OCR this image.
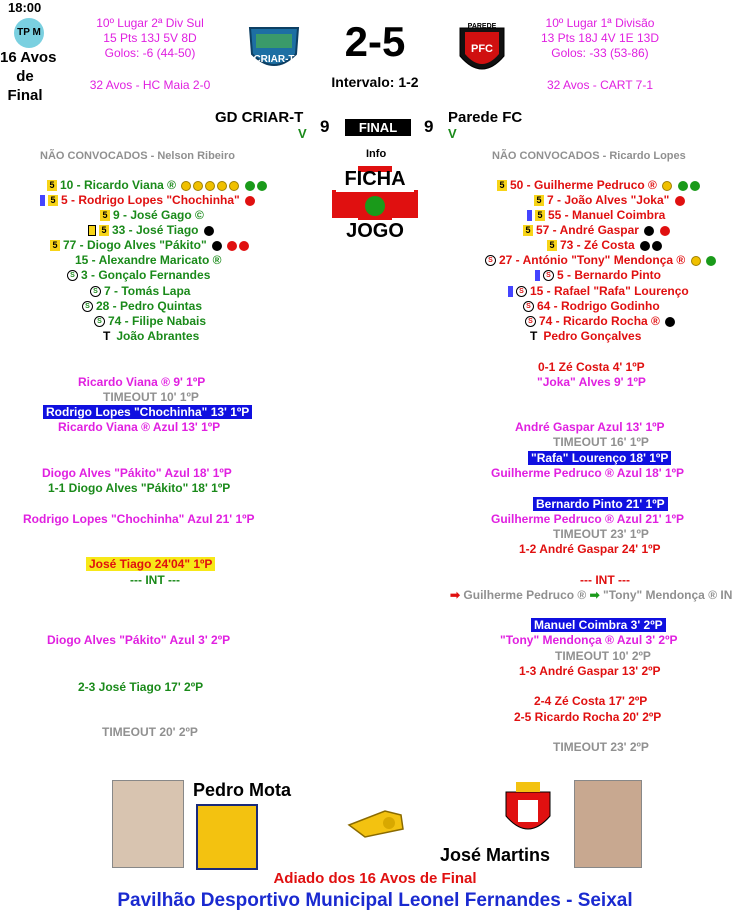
18:00
TP M
16 Avos
de
Final
10º Lugar 2ª Div Sul
15 Pts 13J 5V 8D
Golos: -6 (44-50)
32 Avos - HC Maia 2-0
CRIAR-T	2-5
Intervalo: 1-2
PAREDE
PFC
10º Lugar 1ª Divisão
13 Pts 18J 4V 1E 13D
Golos: -33 (53-86)
32 Avos - CART 7-1
GD CRIAR-T
V 9	FINAL	9 V
Parede FC
Info
FICHA
JOGO
NÃO CONVOCADOS - Nelson Ribeiro	NÃO CONVOCADOS - Ricardo Lopes
5 10 - Ricardo Viana ®
5 5 - Rodrigo Lopes "Chochinha"
5 9 - José Gago ©
5 33 - José Tiago
5 77 - Diogo Alves "Pákito"
15 - Alexandre Maricato ®
S 3 - Gonçalo Fernandes
S 7 - Tomás Lapa
S 28 - Pedro Quintas
S 74 - Filipe Nabais
T João Abrantes
5 50 - Guilherme Pedruco ®
5 7 - João Alves "Joka"
5 55 - Manuel Coimbra
5 57 - André Gaspar
5 73 - Zé Costa
S 27 - António "Tony" Mendonça ®
S 5 - Bernardo Pinto
S 15 - Rafael "Rafa" Lourenço
S 64 - Rodrigo Godinho
S 74 - Ricardo Rocha ®
T Pedro Gonçalves
Ricardo Viana ® 9' 1ºP
TIMEOUT 10' 1ºP
Rodrigo Lopes "Chochinha" 13' 1ºP
Ricardo Viana ® Azul 13' 1ºP
Diogo Alves "Pákito" Azul 18' 1ºP
1-1 Diogo Alves "Pákito" 18' 1ºP
Rodrigo Lopes "Chochinha" Azul 21' 1ºP
José Tiago 24'04" 1ºP
--- INT ---
Diogo Alves "Pákito" Azul 3' 2ºP
2-3 José Tiago 17' 2ºP
TIMEOUT 20' 2ºP
0-1 Zé Costa 4' 1ºP
"Joka" Alves 9' 1ºP
André Gaspar Azul 13' 1ºP
TIMEOUT 16' 1ºP
"Rafa" Lourenço 18' 1ºP
Guilherme Pedruco ® Azul 18' 1ºP
Bernardo Pinto 21' 1ºP
Guilherme Pedruco ® Azul 21' 1ºP
TIMEOUT 23' 1ºP
1-2 André Gaspar 24' 1ºP
--- INT ---
➡ Guilherme Pedruco ® ➡ "Tony" Mendonça ® IN
Manuel Coimbra 3' 2ºP
"Tony" Mendonça ® Azul 3' 2ºP
TIMEOUT 10' 2ºP
1-3 André Gaspar 13' 2ºP
2-4 Zé Costa 17' 2ºP
2-5 Ricardo Rocha 20' 2ºP
TIMEOUT 23' 2ºP
Pedro Mota
José Martins
Adiado dos 16 Avos de Final
Pavilhão Desportivo Municipal Leonel Fernandes - Seixal
